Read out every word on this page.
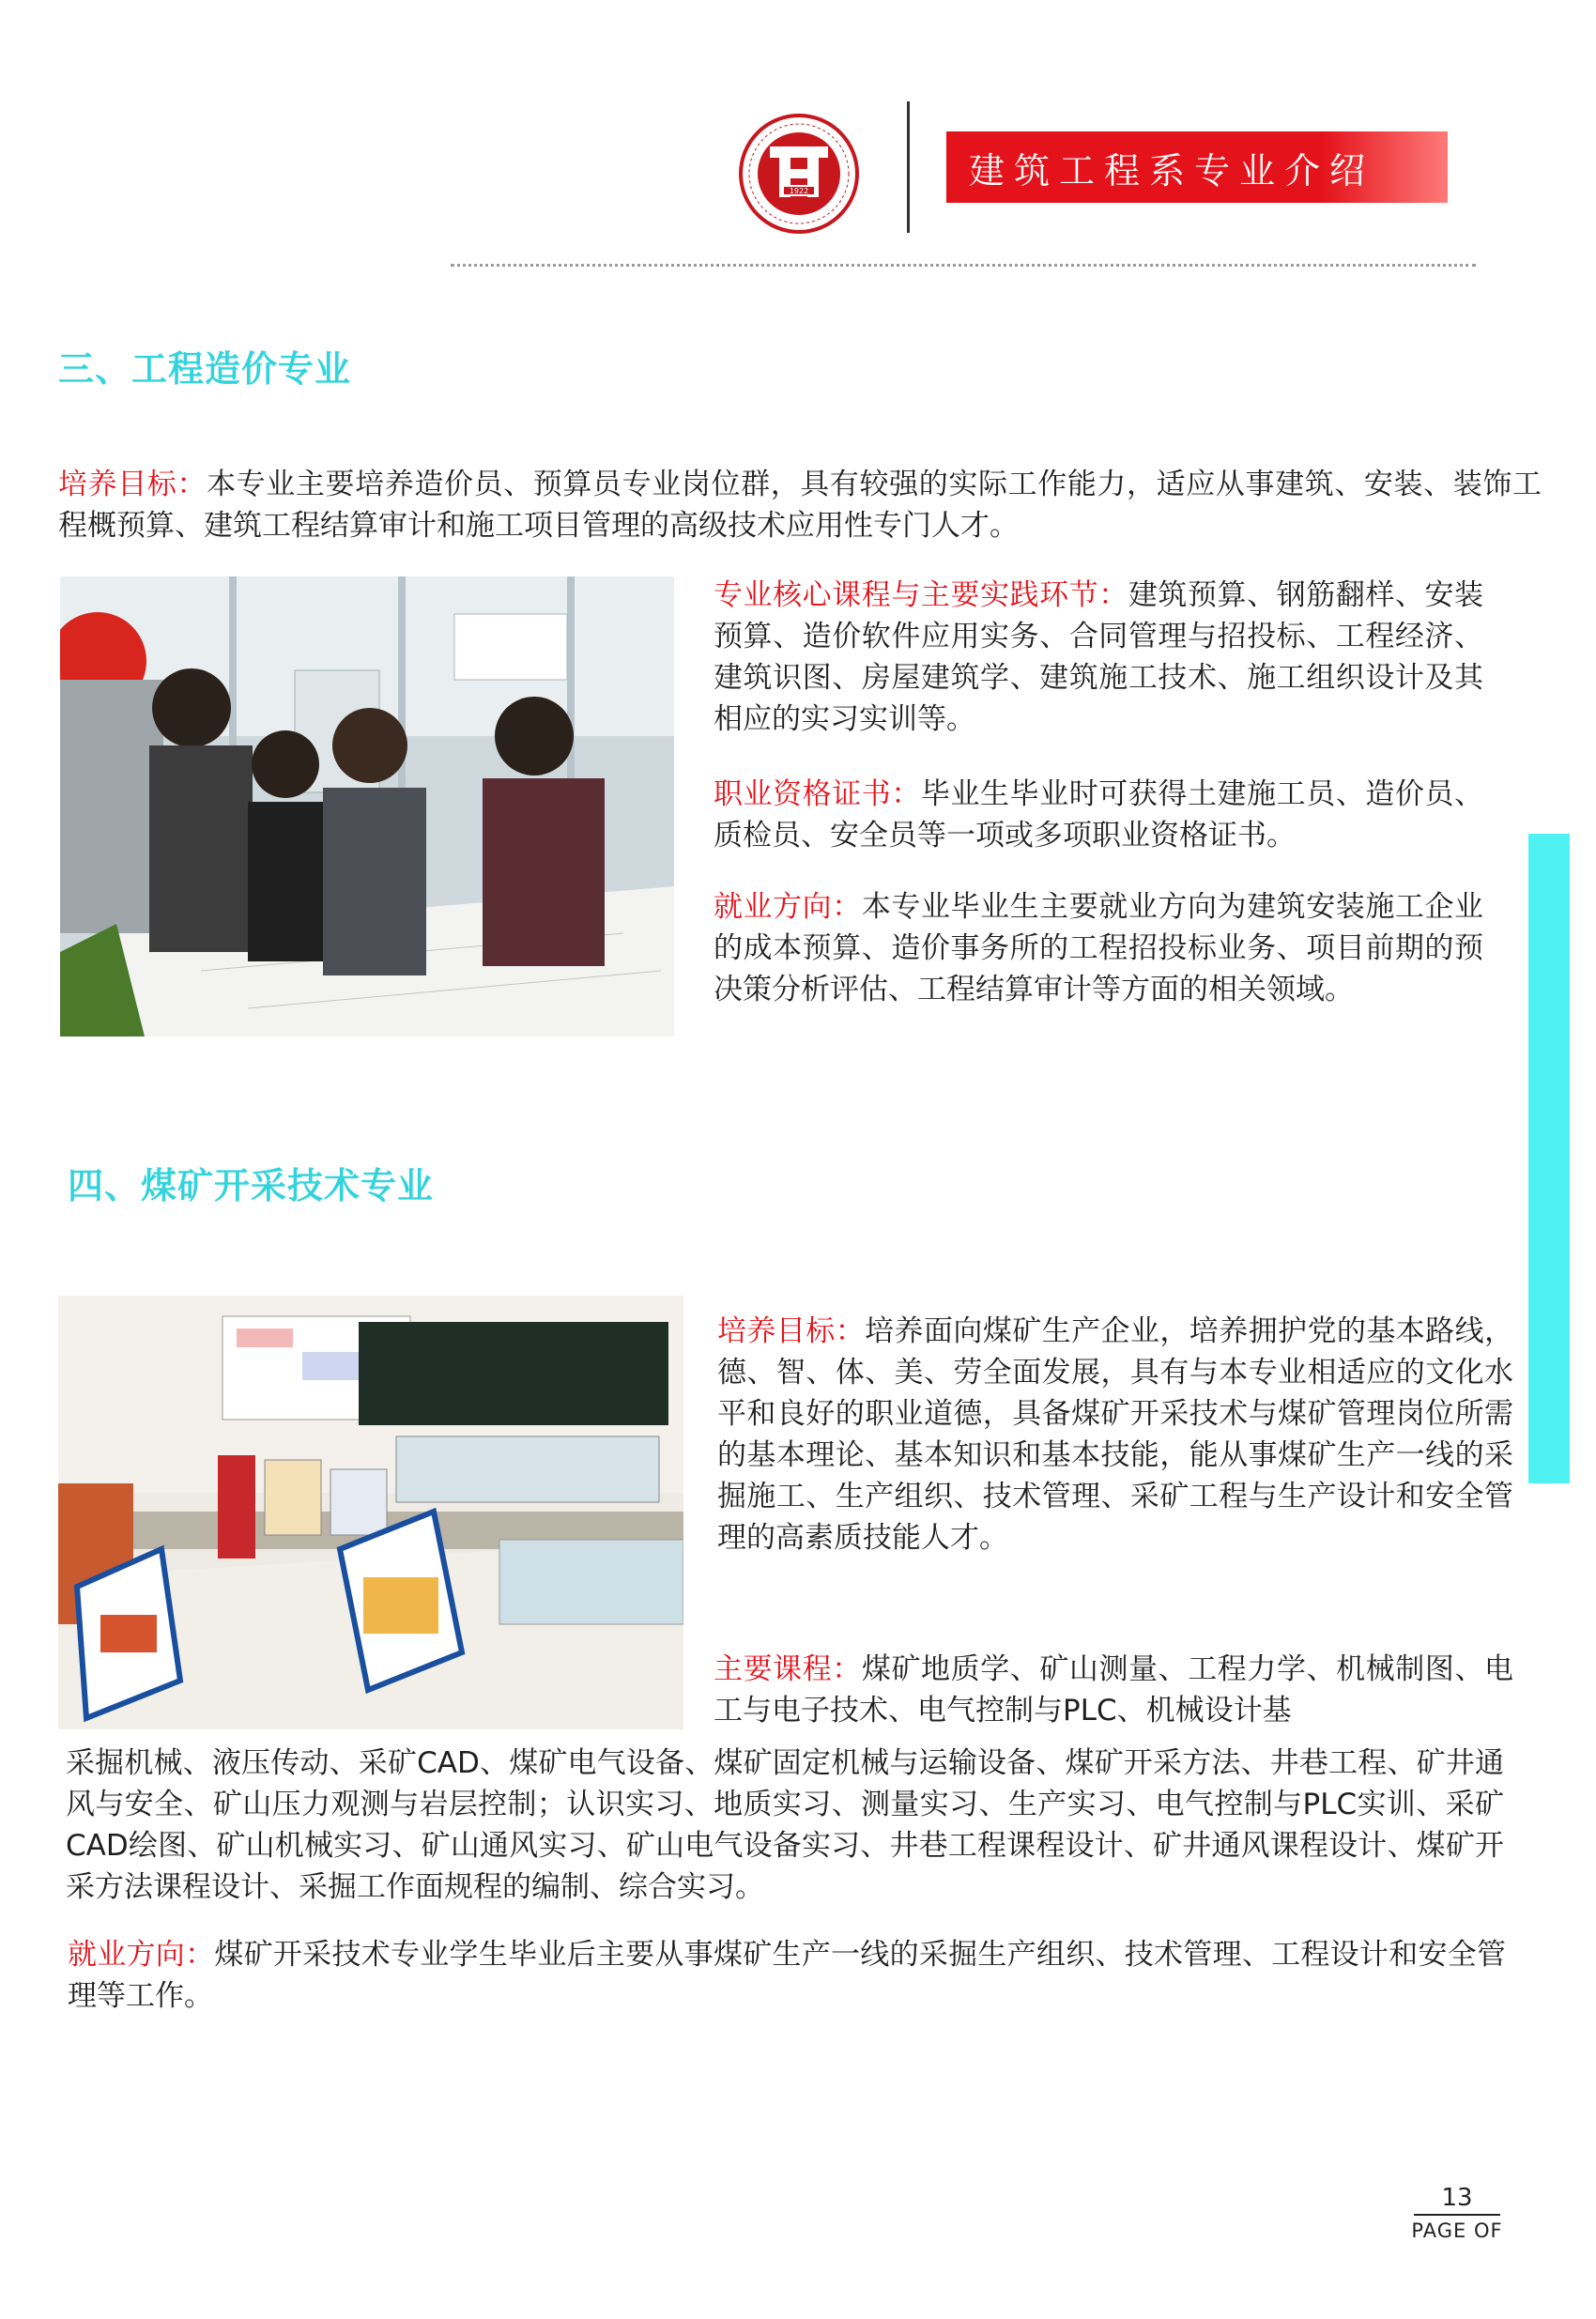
1922	建筑工程系专业介绍
三、工程造价专业

培养目标：本专业主要培养造价员、预算员专业岗位群，具有较强的实际工作能力，适应从事建筑、安装、装饰工程概预算、建筑工程结算审计和施工项目管理的高级技术应用性专门人才。

专业核心课程与主要实践环节：建筑预算、钢筋翻样、安装预算、造价软件应用实务、合同管理与招投标、工程经济、建筑识图、房屋建筑学、建筑施工技术、施工组织设计及其相应的实习实训等。

职业资格证书：毕业生毕业时可获得土建施工员、造价员、质检员、安全员等一项或多项职业资格证书。

就业方向：本专业毕业生主要就业方向为建筑安装施工企业的成本预算、造价事务所的工程招投标业务、项目前期的预决策分析评估、工程结算审计等方面的相关领域。

四、煤矿开采技术专业

培养目标：培养面向煤矿生产企业，培养拥护党的基本路线，德、智、体、美、劳全面发展，具有与本专业相适应的文化水平和良好的职业道德，具备煤矿开采技术与煤矿管理岗位所需的基本理论、基本知识和基本技能，能从事煤矿生产一线的采掘施工、生产组织、技术管理、采矿工程与生产设计和安全管理的高素质技能人才。

主要课程：煤矿地质学、矿山测量、工程力学、机械制图、电工与电子技术、电气控制与PLC、机械设计基

采掘机械、液压传动、采矿CAD、煤矿电气设备、煤矿固定机械与运输设备、煤矿开采方法、井巷工程、矿井通风与安全、矿山压力观测与岩层控制；认识实习、地质实习、测量实习、生产实习、电气控制与PLC实训、采矿CAD绘图、矿山机械实习、矿山通风实习、矿山电气设备实习、井巷工程课程设计、矿井通风课程设计、煤矿开采方法课程设计、采掘工作面规程的编制、综合实习。

就业方向：煤矿开采技术专业学生毕业后主要从事煤矿生产一线的采掘生产组织、技术管理、工程设计和安全管理等工作。

13
PAGE OF
